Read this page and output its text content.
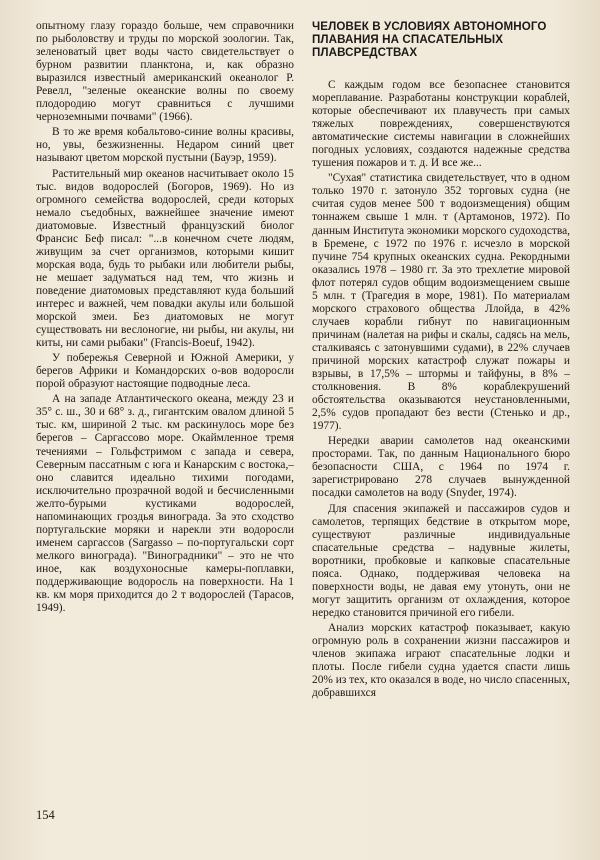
опытному глазу гораздо больше, чем справочники по рыболовству и труды по морской зоологии. Так, зеленоватый цвет воды часто свидетельствует о бурном развитии планктона, и, как образно выразился известный американский океанолог Р. Ревелл, "зеленые океанские волны по своему плодородию могут сравниться с лучшими черноземными почвами" (1966).

В то же время кобальтово-синие волны красивы, но, увы, безжизненны. Недаром синий цвет называют цветом морской пустыни (Бауэр, 1959).

Растительный мир океанов насчитывает около 15 тыс. видов водорослей (Богоров, 1969). Но из огромного семейства водорослей, среди которых немало съедобных, важнейшее значение имеют диатомовые. Известный французский биолог Франсис Беф писал: "...в конечном счете людям, живущим за счет организмов, которыми кишит морская вода, будь то рыбаки или любители рыбы, не мешает задуматься над тем, что жизнь и поведение диатомовых представляют куда больший интерес и важней, чем повадки акулы или большой морской змеи. Без диатомовых не могут существовать ни веслоногие, ни рыбы, ни акулы, ни киты, ни сами рыбаки" (Francis-Boeuf, 1942).

У побережья Северной и Южной Америки, у берегов Африки и Командорских о-вов водоросли порой образуют настоящие подводные леса.

А на западе Атлантического океана, между 23 и 35° с. ш., 30 и 68° з. д., гигантским овалом длиной 5 тыс. км, шириной 2 тыс. км раскинулось море без берегов – Саргассово море. Окаймленное тремя течениями – Гольфстримом с запада и севера, Северным пассатным с юга и Канарским с востока,– оно славится идеально тихими погодами, исключительно прозрачной водой и бесчисленными желто-бурыми кустиками водорослей, напоминающих гроздья винограда. За это сходство португальские моряки и нарекли эти водоросли именем саргассов (Sargasso – по-португальски сорт мелкого винограда). "Виноградники" – это не что иное, как воздухоносные камеры-поплавки, поддерживающие водоросль на поверхности. На 1 кв. км моря приходится до 2 т водорослей (Тарасов, 1949).

ЧЕЛОВЕК В УСЛОВИЯХ АВТОНОМНОГО ПЛАВАНИЯ НА СПАСАТЕЛЬНЫХ ПЛАВСРЕДСТВАХ

С каждым годом все безопаснее становится мореплавание. Разработаны конструкции кораблей, которые обеспечивают их плавучесть при самых тяжелых повреждениях, совершенствуются автоматические системы навигации в сложнейших погодных условиях, создаются надежные средства тушения пожаров и т. д. И все же...

"Сухая" статистика свидетельствует, что в одном только 1970 г. затонуло 352 торговых судна (не считая судов менее 500 т водоизмещения) общим тоннажем свыше 1 млн. т (Артамонов, 1972). По данным Института экономики морского судоходства, в Бремене, с 1972 по 1976 г. исчезло в морской пучине 754 крупных океанских судна. Рекордными оказались 1978 – 1980 гг. За это трехлетие мировой флот потерял судов общим водоизмещением свыше 5 млн. т (Трагедия в море, 1981). По материалам морского страхового общества Ллойда, в 42% случаев корабли гибнут по навигационным причинам (налетая на рифы и скалы, садясь на мель, сталкиваясь с затонувшими судами), в 22% случаев причиной морских катастроф служат пожары и взрывы, в 17,5% – штормы и тайфуны, в 8% – столкновения. В 8% кораблекрушений обстоятельства оказываются неустановленными, 2,5% судов пропадают без вести (Стенько и др., 1977).

Нередки аварии самолетов над океанскими просторами. Так, по данным Национального бюро безопасности США, с 1964 по 1974 г. зарегистрировано 278 случаев вынужденной посадки самолетов на воду (Snyder, 1974).

Для спасения экипажей и пассажиров судов и самолетов, терпящих бедствие в открытом море, существуют различные индивидуальные спасательные средства – надувные жилеты, воротники, пробковые и капковые спасательные пояса. Однако, поддерживая человека на поверхности воды, не давая ему утонуть, они не могут защитить организм от охлаждения, которое нередко становится причиной его гибели.

Анализ морских катастроф показывает, какую огромную роль в сохранении жизни пассажиров и членов экипажа играют спасательные лодки и плоты. После гибели судна удается спасти лишь 20% из тех, кто оказался в воде, но число спасенных, добравшихся

154
